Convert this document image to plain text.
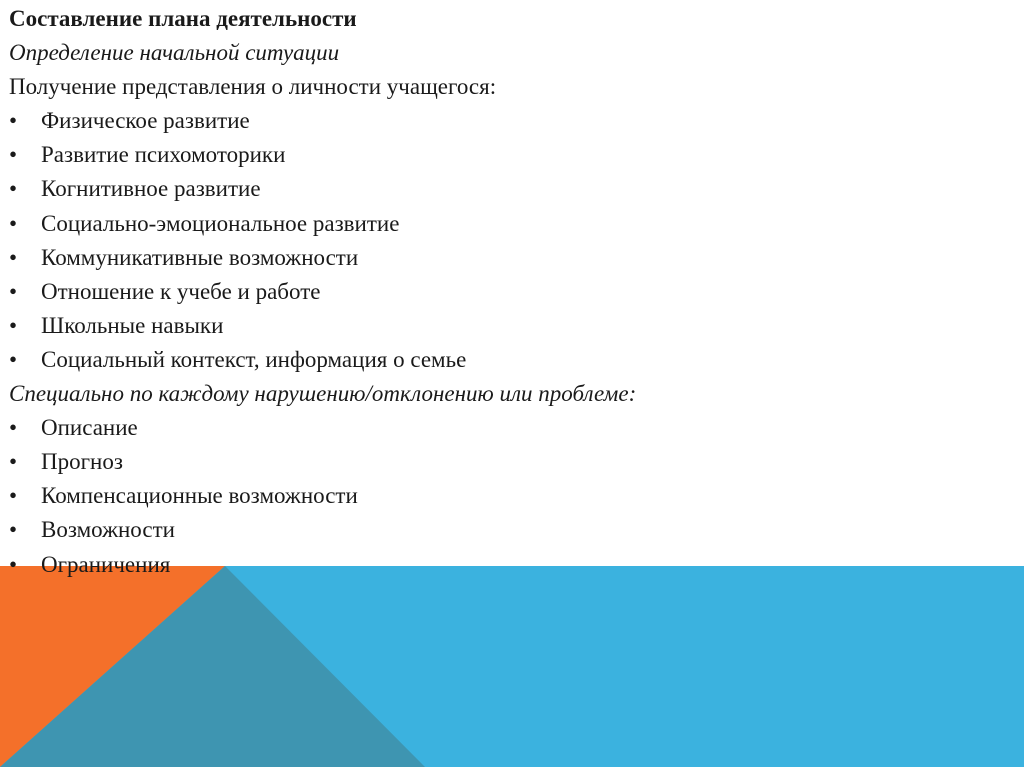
Составление плана деятельности
Определение начальной ситуации
Получение представления о личности учащегося:
•	Физическое развитие
•	Развитие психомоторики
•	Когнитивное развитие
•	Социально-эмоциональное развитие
•	Коммуникативные возможности
•	Отношение к учебе и работе
•	Школьные навыки
•	Социальный контекст, информация о семье
Специально по каждому нарушению/отклонению или проблеме:
•	Описание
•	Прогноз
•	Компенсационные возможности
•	Возможности
•	Ограничения
